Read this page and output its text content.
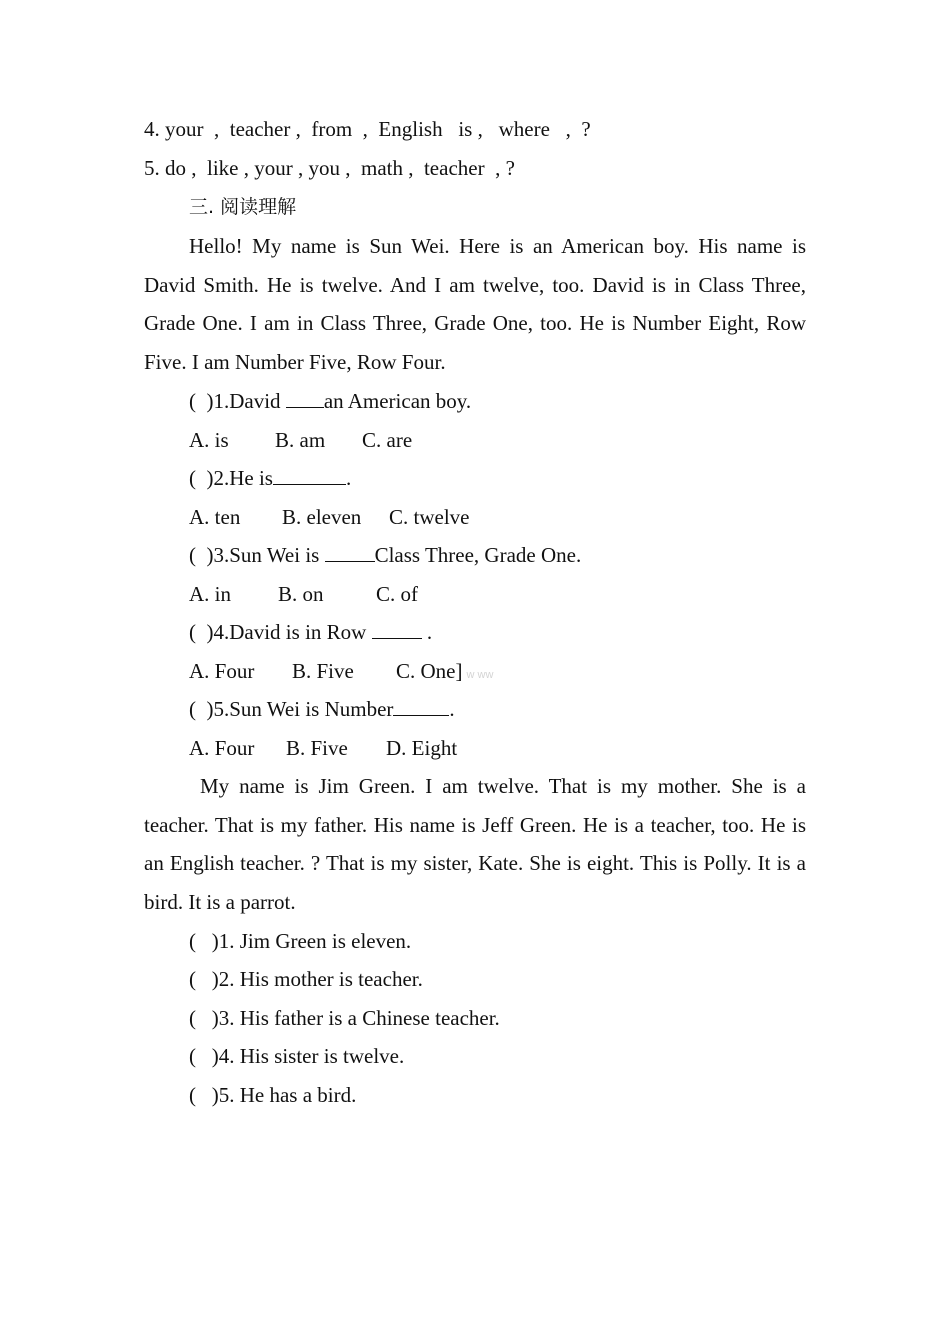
4. your  ,  teacher ,  from  ,  English   is ,   where   ,  ?
5. do ,  like , your , you ,  math ,  teacher  , ?
三. 阅读理解
Hello! My name is Sun Wei. Here is an American boy. His name is David Smith. He is twelve. And I am twelve, too. David is in Class Three, Grade One. I am in Class Three, Grade One, too. He is Number Eight, Row Five. I am Number Five, Row Four.
(  )1.David an American boy.
A. is B. am C. are
(  )2.He is	.
A. ten B. eleven C. twelve
(  )3.Sun Wei is Class Three, Grade One.
A. in B. on C. of
(  )4.David is in Row  .
A. Four B. Five C. One] w ww
(  )5.Sun Wei is Number	.
A. Four B. Five D. Eight
My name is Jim Green. I am twelve. That is my mother. She is a teacher. That is my father. His name is Jeff Green. He is a teacher, too. He is an English teacher. ? That is my sister, Kate. She is eight. This is Polly. It is a bird. It is a parrot.
(   )1. Jim Green is eleven.
(   )2. His mother is teacher.
(   )3. His father is a Chinese teacher.
(   )4. His sister is twelve.
(   )5. He has a bird.
